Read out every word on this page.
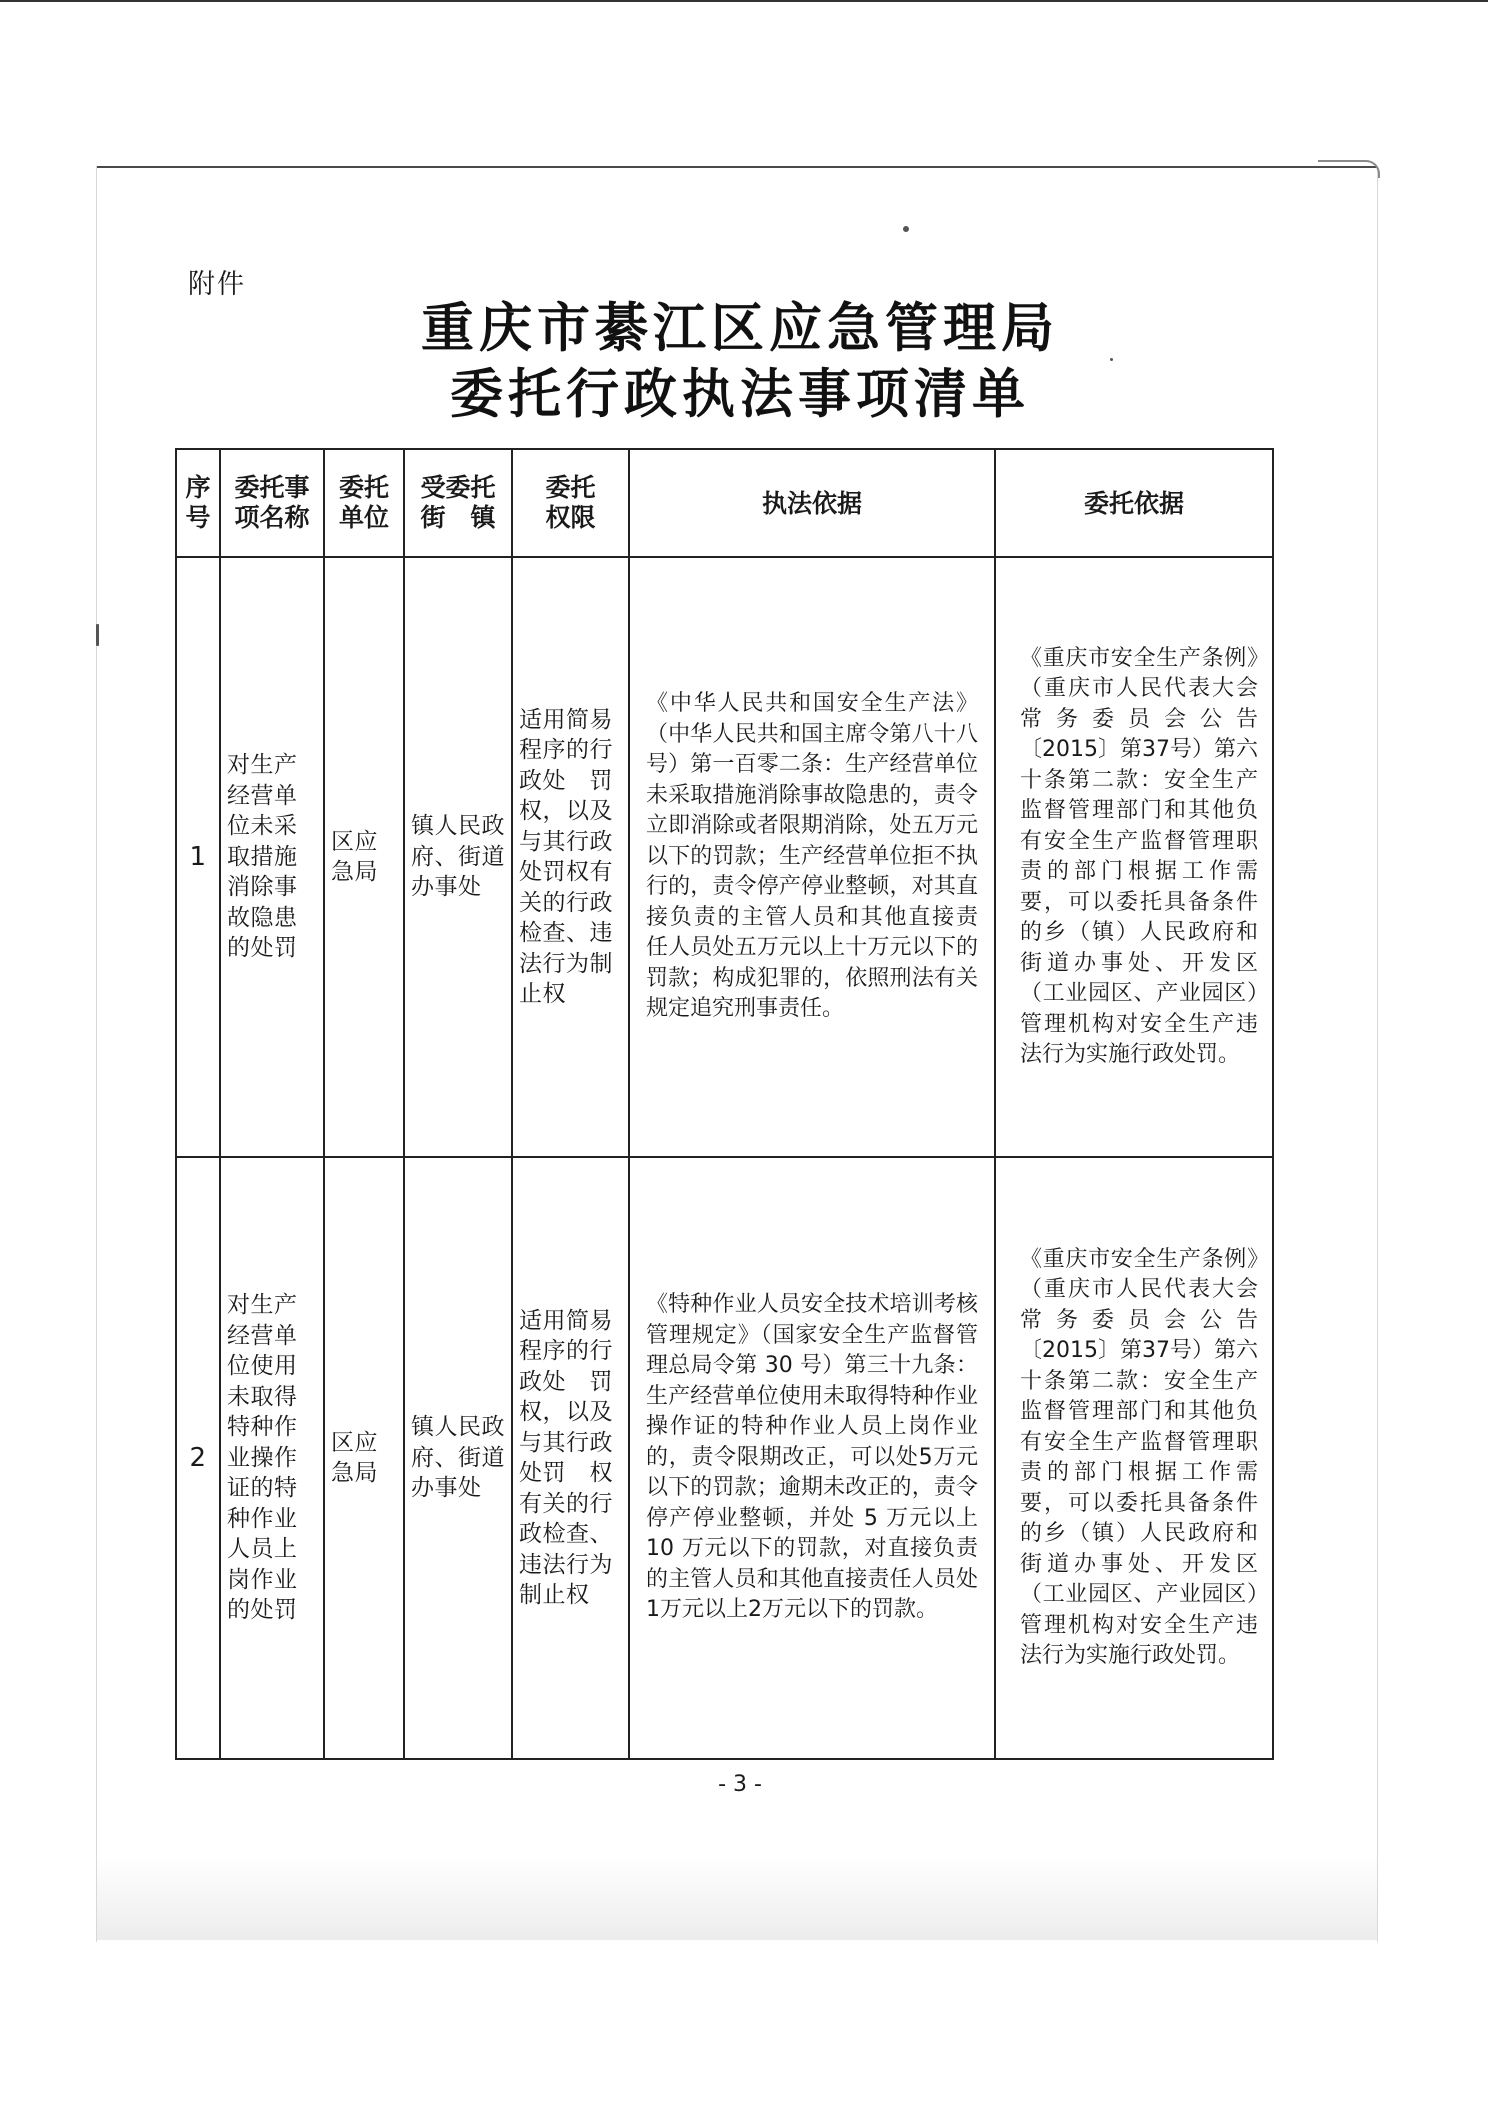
附件
重庆市綦江区应急管理局
委托行政执法事项清单
序号	委托事项名称	委托单位	受委托街　镇	委托权限	执法依据	委托依据

1	对生产经营单位未采取措施消除事故隐患的处罚	区应急局	镇人民政府、街道办事处	适用简易程序的行政处　罚权，以及与其行政处罚权有关的行政　检查、违法行为制止权	《中华人民共和国安全生产法》（中华人民共和国主席令第八十八号）第一百零二条：生产经营单位未采取措施消除事故隐患的，责令立即消除或者限期消除，处五万元以下的罚款；生产经营单位拒不执行的，责令停产停业整顿，对其直接负责的主管人员和其他直接责　任人员处五万元以上十万元以下的罚款；构成犯罪的，依照刑法有关规定追究刑事责任。	《重庆市安全生产条例》（重庆市人民代表大会常务委员会公告〔2015〕第37号）第六十条第二款：安全生产监督管理部门和其他负有安全生产监督管理职责的部门根据工作需要，可以委托具备条件的乡（镇）人民政府和街道办事处、开发区（工业园区、产业园区）管理机构对安全生产违法行为实施行政处罚。

2	对生产经营单位使用未取得特种作业操作证的特种作业人员上岗作业的处罚	区应急局	镇人民政府、街道办事处	适用简易程序的行政处　罚权，以及与其行政处罚　权有关的行政检查、违法行为制止权	《特种作业人员安全技术培训考核管理规定》（国家安全生产监督管理总局令第 30 号）第三十九条：生产经营单位使用未取得特种作业操作证的特种作业人员上岗作业的，责令限期改正，可以处5万元以下的罚款；逾期未改正的，责令停产停业整顿，并处 5 万元以上 10 万元以下的罚款，对直接负责的主管人员和其他直接责任人员处1万元以上2万元以下的罚款。	《重庆市安全生产条例》（重庆市人民代表大会常务委员会公告〔2015〕第37号）第六十条第二款：安全生产监督管理部门和其他负有安全生产监督管理职责的部门根据工作需要，可以委托具备条件的乡（镇）人民政府和街道办事处、开发区（工业园区、产业园区）管理机构对安全生产违法行为实施行政处罚。
- 3 -
